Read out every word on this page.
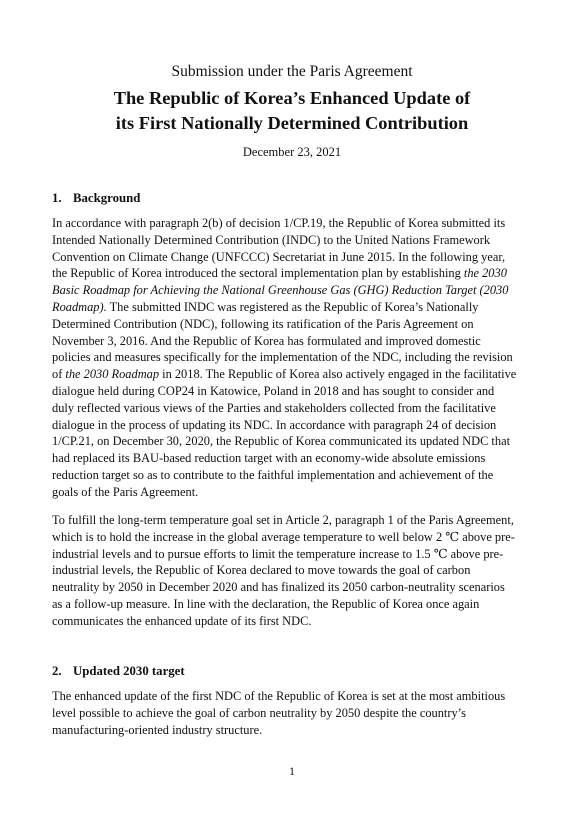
Submission under the Paris Agreement
The Republic of Korea’s Enhanced Update of
its First Nationally Determined Contribution
December 23, 2021
1. Background
In accordance with paragraph 2(b) of decision 1/CP.19, the Republic of Korea submitted its
Intended Nationally Determined Contribution (INDC) to the United Nations Framework
Convention on Climate Change (UNFCCC) Secretariat in June 2015. In the following year,
the Republic of Korea introduced the sectoral implementation plan by establishing the 2030
Basic Roadmap for Achieving the National Greenhouse Gas (GHG) Reduction Target (2030
Roadmap). The submitted INDC was registered as the Republic of Korea’s Nationally
Determined Contribution (NDC), following its ratification of the Paris Agreement on
November 3, 2016. And the Republic of Korea has formulated and improved domestic
policies and measures specifically for the implementation of the NDC, including the revision
of the 2030 Roadmap in 2018. The Republic of Korea also actively engaged in the facilitative
dialogue held during COP24 in Katowice, Poland in 2018 and has sought to consider and
duly reflected various views of the Parties and stakeholders collected from the facilitative
dialogue in the process of updating its NDC. In accordance with paragraph 24 of decision
1/CP.21, on December 30, 2020, the Republic of Korea communicated its updated NDC that
had replaced its BAU-based reduction target with an economy-wide absolute emissions
reduction target so as to contribute to the faithful implementation and achievement of the
goals of the Paris Agreement.
To fulfill the long-term temperature goal set in Article 2, paragraph 1 of the Paris Agreement,
which is to hold the increase in the global average temperature to well below 2 ℃ above pre-
industrial levels and to pursue efforts to limit the temperature increase to 1.5 ℃ above pre-
industrial levels, the Republic of Korea declared to move towards the goal of carbon
neutrality by 2050 in December 2020 and has finalized its 2050 carbon-neutrality scenarios
as a follow-up measure. In line with the declaration, the Republic of Korea once again
communicates the enhanced update of its first NDC.
2. Updated 2030 target
The enhanced update of the first NDC of the Republic of Korea is set at the most ambitious
level possible to achieve the goal of carbon neutrality by 2050 despite the country’s
manufacturing-oriented industry structure.
1
